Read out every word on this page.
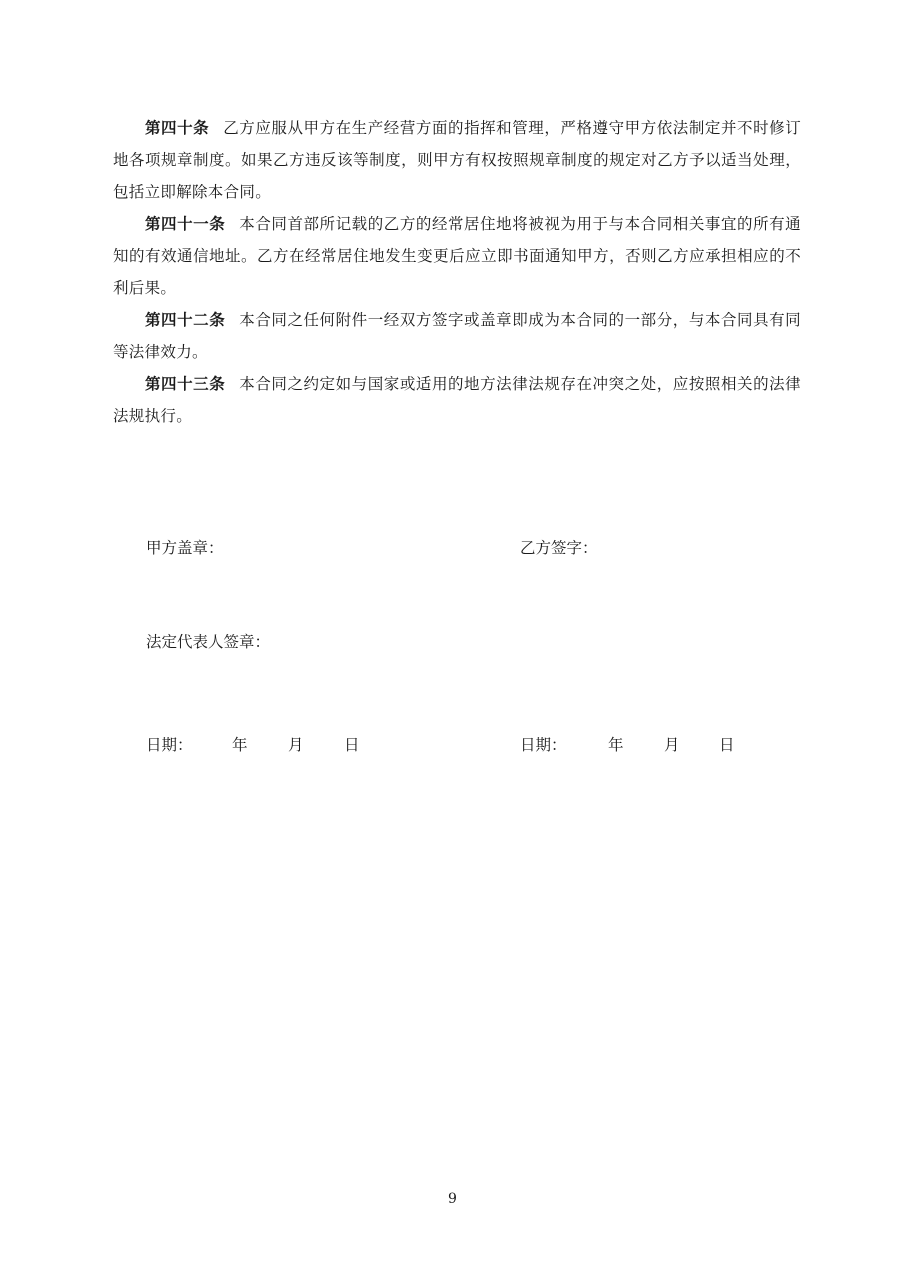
第四十条 乙方应服从甲方在生产经营方面的指挥和管理，严格遵守甲方依法制定并不时修订地各项规章制度。如果乙方违反该等制度，则甲方有权按照规章制度的规定对乙方予以适当处理，包括立即解除本合同。

第四十一条 本合同首部所记载的乙方的经常居住地将被视为用于与本合同相关事宜的所有通知的有效通信地址。乙方在经常居住地发生变更后应立即书面通知甲方，否则乙方应承担相应的不利后果。

第四十二条 本合同之任何附件一经双方签字或盖章即成为本合同的一部分，与本合同具有同等法律效力。

第四十三条 本合同之约定如与国家或适用的地方法律法规存在冲突之处，应按照相关的法律法规执行。

甲方盖章：	乙方签字：
法定代表人签章：
日期：	年	月	日	日期：	年	月	日
9
